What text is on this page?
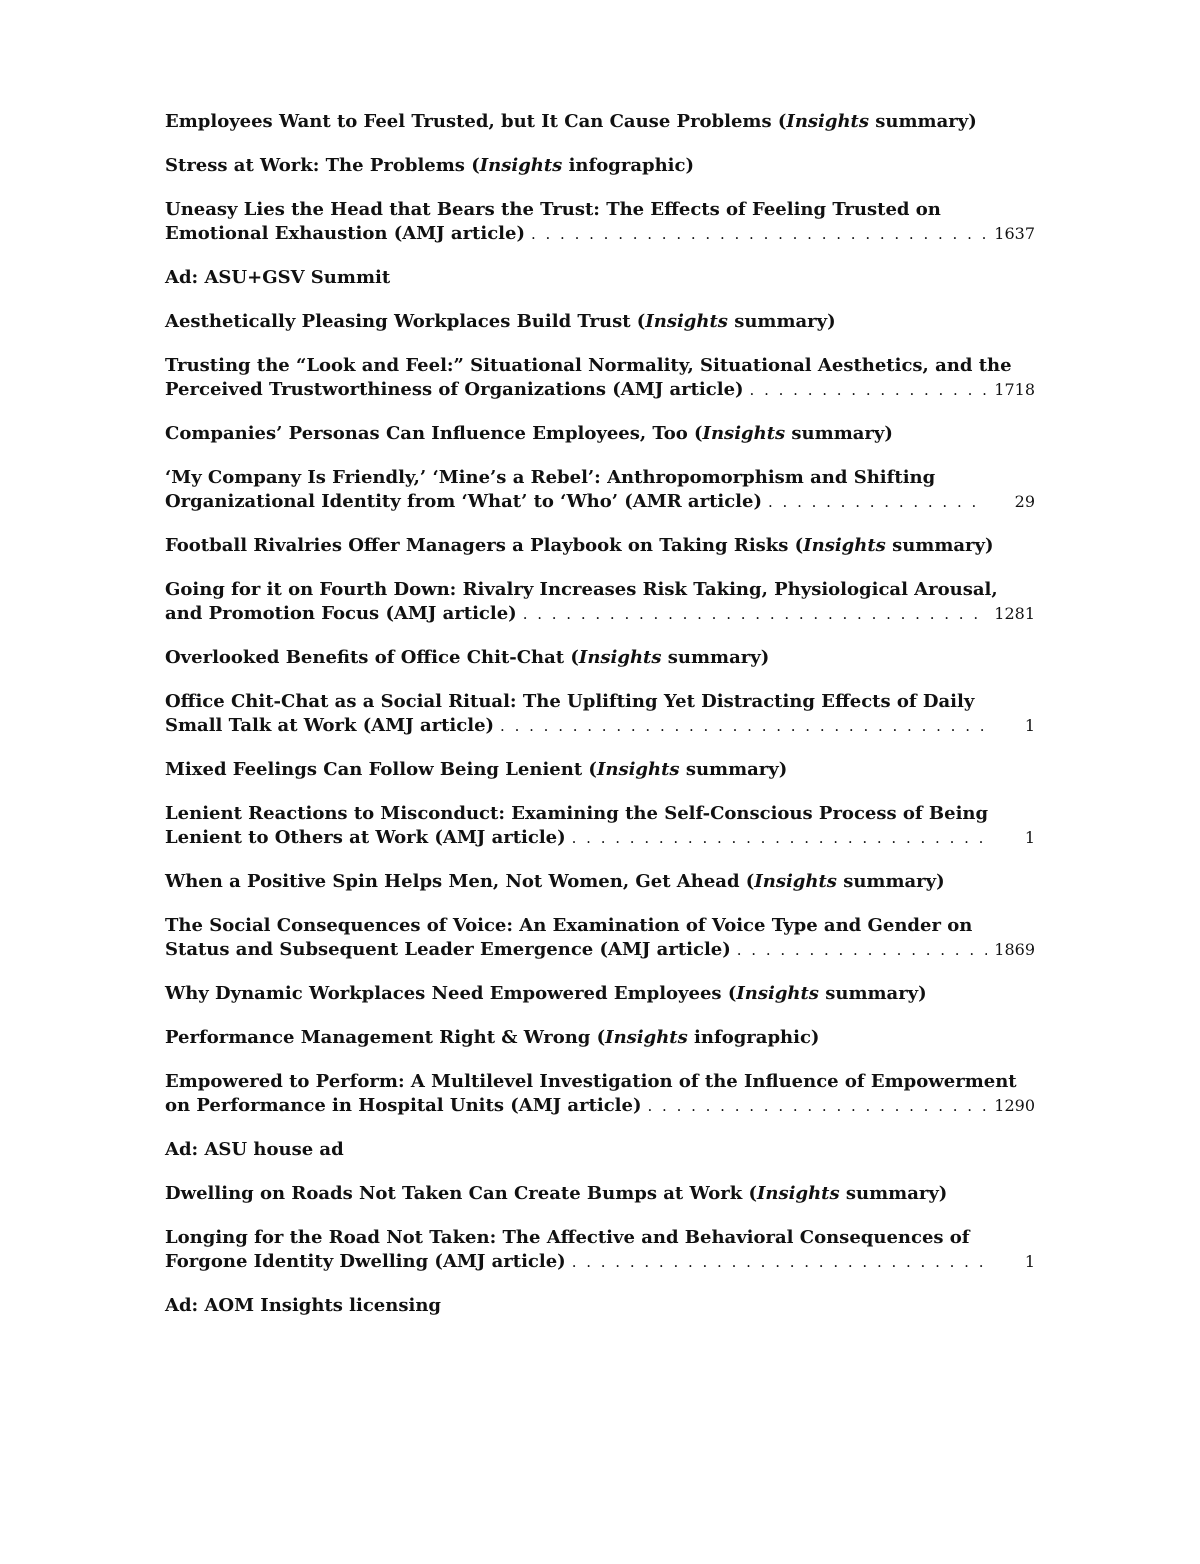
Employees Want to Feel Trusted, but It Can Cause Problems (Insights summary)
Stress at Work: The Problems (Insights infographic)
Uneasy Lies the Head that Bears the Trust: The Effects of Feeling Trusted on
Emotional Exhaustion (AMJ article) . . .	1637
Ad: ASU+GSV Summit
Aesthetically Pleasing Workplaces Build Trust (Insights summary)
Trusting the “Look and Feel:” Situational Normality, Situational Aesthetics, and the
Perceived Trustworthiness of Organizations (AMJ article) . . .	1718
Companies’ Personas Can Influence Employees, Too (Insights summary)
‘My Company Is Friendly,’ ‘Mine’s a Rebel’: Anthropomorphism and Shifting
Organizational Identity from ‘What’ to ‘Who’ (AMR article) . . .	29
Football Rivalries Offer Managers a Playbook on Taking Risks (Insights summary)
Going for it on Fourth Down: Rivalry Increases Risk Taking, Physiological Arousal,
and Promotion Focus (AMJ article) . . .	1281
Overlooked Benefits of Office Chit-Chat (Insights summary)
Office Chit-Chat as a Social Ritual: The Uplifting Yet Distracting Effects of Daily
Small Talk at Work (AMJ article) . . .	1
Mixed Feelings Can Follow Being Lenient (Insights summary)
Lenient Reactions to Misconduct: Examining the Self-Conscious Process of Being
Lenient to Others at Work (AMJ article) . . .	1
When a Positive Spin Helps Men, Not Women, Get Ahead (Insights summary)
The Social Consequences of Voice: An Examination of Voice Type and Gender on
Status and Subsequent Leader Emergence (AMJ article) . . .	1869
Why Dynamic Workplaces Need Empowered Employees (Insights summary)
Performance Management Right & Wrong (Insights infographic)
Empowered to Perform: A Multilevel Investigation of the Influence of Empowerment
on Performance in Hospital Units (AMJ article) . . .	1290
Ad: ASU house ad
Dwelling on Roads Not Taken Can Create Bumps at Work (Insights summary)
Longing for the Road Not Taken: The Affective and Behavioral Consequences of
Forgone Identity Dwelling (AMJ article) . . .	1
Ad: AOM Insights licensing
